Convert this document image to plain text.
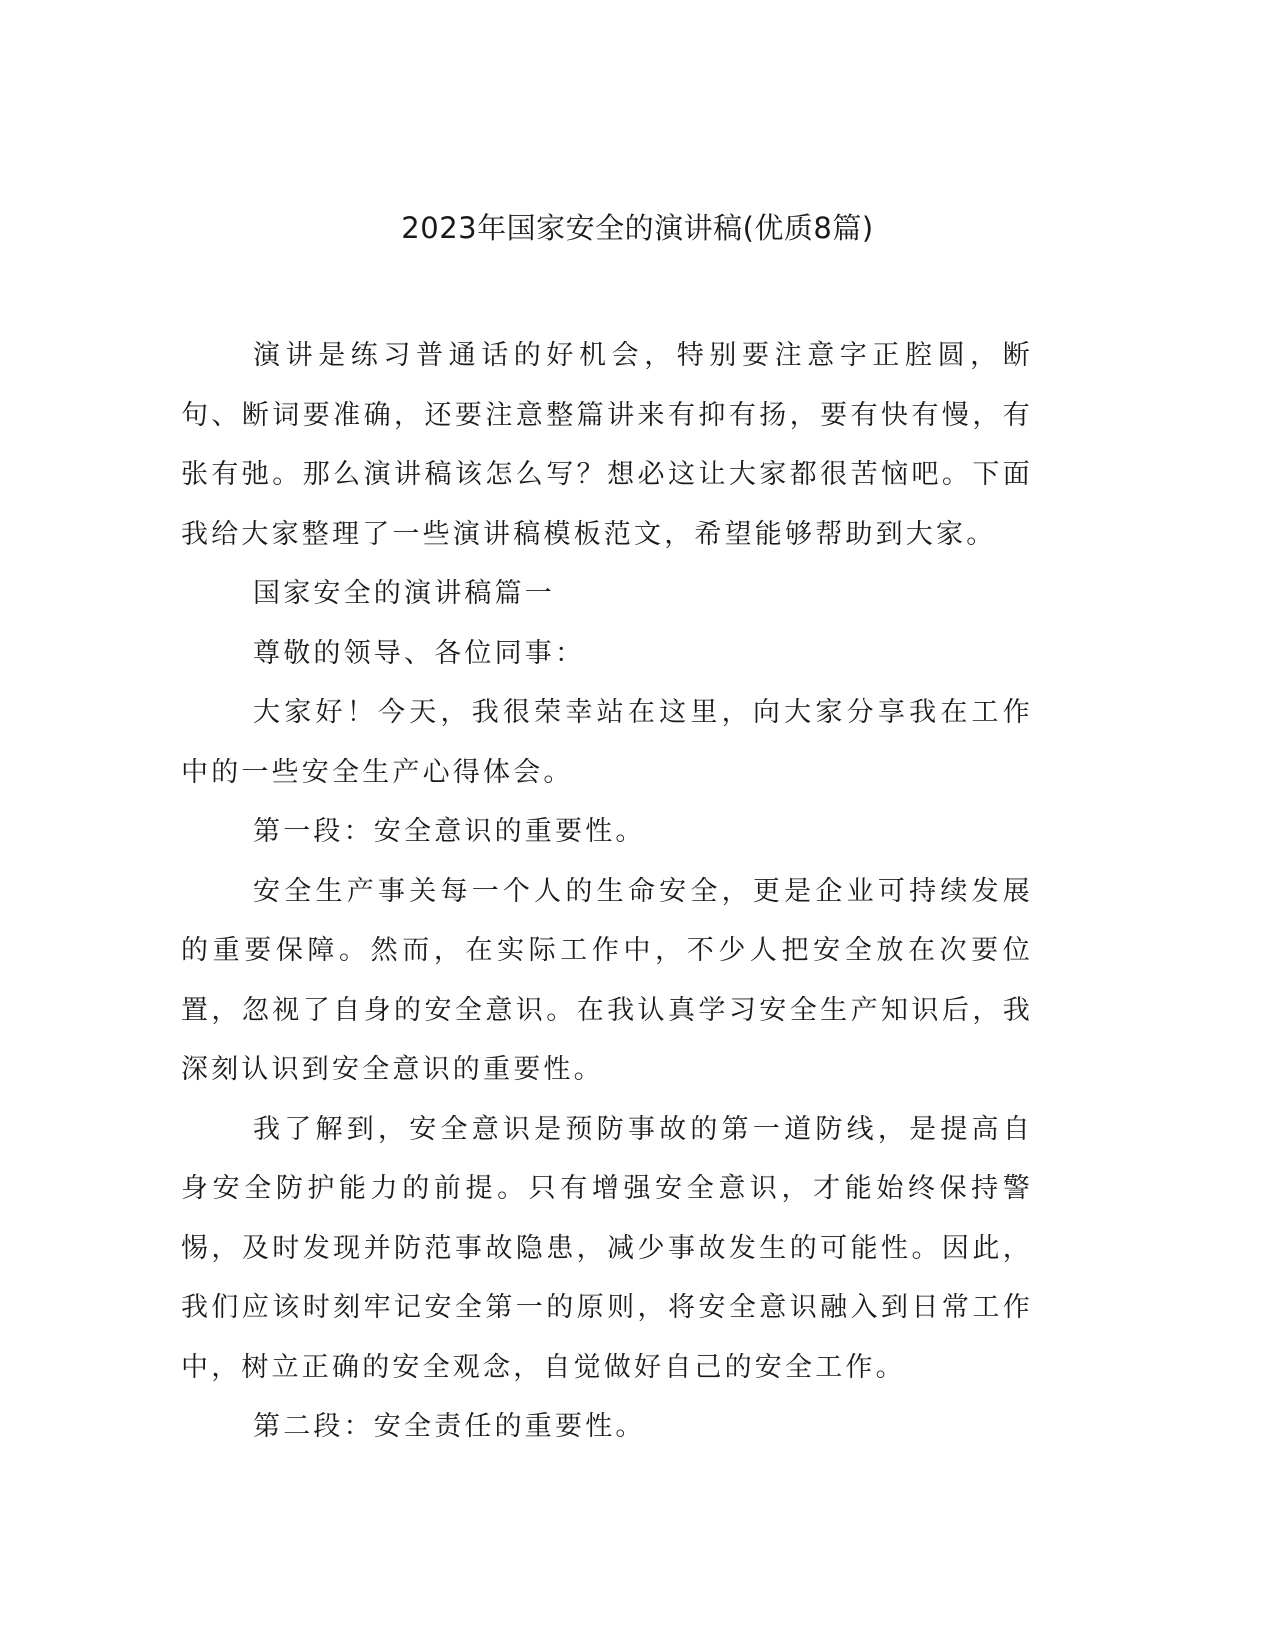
2023年国家安全的演讲稿(优质8篇)

演讲是练习普通话的好机会，特别要注意字正腔圆，断句、断词要准确，还要注意整篇讲来有抑有扬，要有快有慢，有张有弛。那么演讲稿该怎么写？想必这让大家都很苦恼吧。下面我给大家整理了一些演讲稿模板范文，希望能够帮助到大家。

国家安全的演讲稿篇一

尊敬的领导、各位同事：

大家好！今天，我很荣幸站在这里，向大家分享我在工作中的一些安全生产心得体会。

第一段：安全意识的重要性。

安全生产事关每一个人的生命安全，更是企业可持续发展的重要保障。然而，在实际工作中，不少人把安全放在次要位置，忽视了自身的安全意识。在我认真学习安全生产知识后，我深刻认识到安全意识的重要性。

我了解到，安全意识是预防事故的第一道防线，是提高自身安全防护能力的前提。只有增强安全意识，才能始终保持警惕，及时发现并防范事故隐患，减少事故发生的可能性。因此，我们应该时刻牢记安全第一的原则，将安全意识融入到日常工作中，树立正确的安全观念，自觉做好自己的安全工作。

第二段：安全责任的重要性。
